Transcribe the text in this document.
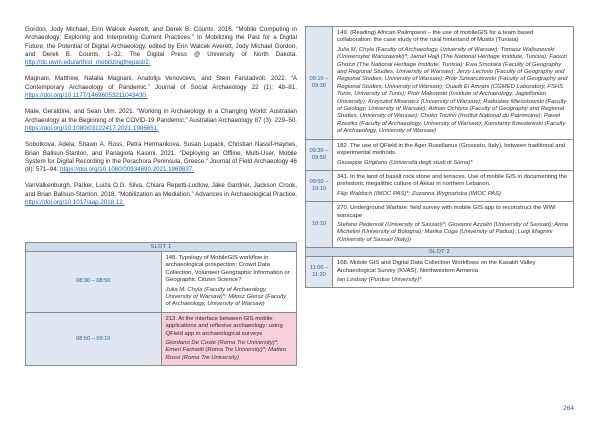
Gordon, Jody Michael, Erin Walcek Averett, and Derek B. Counts. 2016. “Mobile Computing in Archaeology: Exploring and Interpreting Current Practices.” In Mobilizing the Past for a Digital Future; the Potential of Digital Archaeology, edited by Erin Walcek Averett, Jody Michael Gordon, and Derek B. Counts, 1–32. The Digital Press @ University of North Dakota. http://dc.uwm.edu/arthist_mobilizingthepast/2.

Magnani, Matthew, Natalia Magnani, Anatolijs Venovcevs, and Stein Farstadvoll. 2022. “A Contemporary Archaeology of Pandemic.” Journal of Social Archaeology 22 (1): 48–81. https://doi.org/10.1177/14696053211043430.

Mate, Geraldine, and Sean Ulm. 2021. “Working in Archaeology in a Changing World: Australian Archaeology at the Beginning of the COVID-19 Pandemic.” Australian Archaeology 87 (3): 229–50. https://doi.org/10.1080/03122417.2021.1986651.

Sobotkova, Adela, Shawn A. Ross, Petra Hermankova, Susan Lupack, Christian Nassif-Haynes, Brian Ballsun-Stanton, and Panagiota Kasimi. 2021. “Deploying an Offline, Multi-User, Mobile System for Digital Recording in the Perachora Peninsula, Greece.” Journal of Field Archaeology 46 (8): 571–94. https://doi.org/10.1080/00934690.2021.1969837.

VanValkenburgh, Parker, Luiza O.G. Silva, Chiara Repetti-Ludlow, Jake Gardner, Jackson Crook, and Brian Ballsun-Stanton. 2018. “Mobilization as Mediation.” Advances in Archaeological Practice. https://doi.org/10.1017/aap.2018.12.

SLOT 1	
08:30 – 08:50	148. Typology of MobileGIS workflow in archaeological prospection: Crowd Data Collection, Volunteer Geographic Information or Geographic Citizen Science?
Julia M. Chyla (Faculty of Archaeology, University of Warsaw)*; Miłosz Giersz (Faculty of Archaeology, University of Warsaw)

08:50 – 09:10	213. At the interface between GIS mobile applications and reflexive archaeology: using QField app in archaeological surveys
Giordano De Coste (Roma Tre University)*; Emeri Farinetti (Roma Tre University)*; Matteo Rossi (Roma Tre University)
09:10 – 09:30	149. (Reading) African Palimpsest – the use of mobileGIS for a team based collaboration: the case study of the rural hinterland of Mustis (Tunisia)
Julia M. Chyla (Faculty of Archaeology, University of Warsaw); Tomasz Waliszewski (Uniwersytet Warszawski)*; Jamel Hajji (The National Heritage Institute, Tunisia); Faouzi Ghozzi (The National Heritage Institute, Tunisia); Ewa Smolska (Faculty of Geography and Regional Studies, University of Warsaw); Jerzy Lechnio (Faculty of Geography and Regional Studies, University of Warsaw); Piotr Szwarczewski (Faculty of Geography and Regional Studies, University of Warsaw); Ouadii El Amrani (CGMED Laboratory, FSHS Tunis, University of Tunis); Piotr Makowski (Institute of Archaeology, Jagiellonian University); Krzysztof Misiewicz (University of Warsaw); Radosław Mieszkowski (Faculty of Geology, University of Warsaw); Adrian Ochtyra (Faculty of Geography and Regional Studies, University of Warsaw); Chokri Touihri (Institut National du Patrimoine); Paweł Rzeziks (Faculty of Archaeology, University of Warsaw); Konstanty Kowalewski (Faculty of Archaeology, University of Warsaw)

09:30 – 09:50	182. The use of QField in the Ager Rusellanus (Grosseto, Italy), between traditional and experimental methods.
Giuseppe Grigliano (Università degli studi di Siena)*

09:50 – 10:10	341. In the land of basalt rock stone and terraces. Use of mobile GIS in documenting the prehistoric megalithic culture of Akkar in northern Lebanon.
Filip Waldoch (IMOC PAS)*; Zuzanna Wygnańska (IMOC PAS)

10:10	270. Underground Warfare: field survey with mobile GIS app to reconstruct the WWI warscape
Stefano Pedersoli (University of Sassari)*; Giovanni Azzalin (University of Sassari); Anna Michelini (University of Bologna); Marika Coga (University of Padua); Luigi Magnini (University of Sassari (Italy))

SLOT 2	
11:00 – 11:20	168. Mobile GIS and Digital Data Collection Workflows on the Kasakh Valley Archaeological Survey (KVAS), Northwestern Armenia
Ian Lindsay (Purdue University)*
264
